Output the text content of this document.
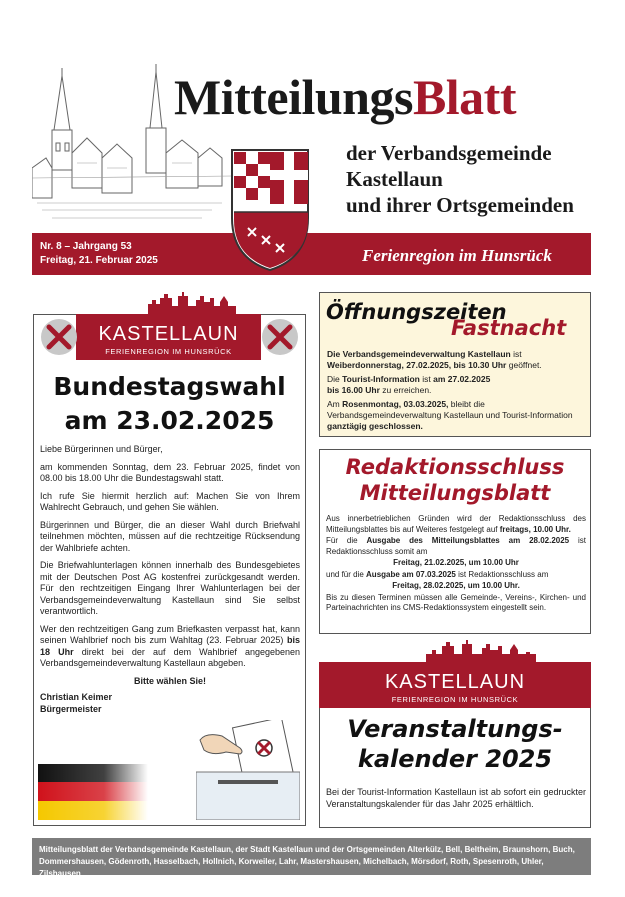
MitteilungsBlatt
der Verbandsgemeinde
Kastellaun
und ihrer Ortsgemeinden
Nr. 8 – Jahrgang 53
Freitag, 21. Februar 2025	Ferienregion im Hunsrück
KASTELLAUN
FERIENREGION IM HUNSRÜCK
Bundestagswahl
am 23.02.2025

Liebe Bürgerinnen und Bürger,

am kommenden Sonntag, dem 23. Februar 2025, findet von 08.00 bis 18.00 Uhr die Bundestagswahl statt.

Ich rufe Sie hiermit herzlich auf: Machen Sie von Ihrem Wahlrecht Gebrauch, und gehen Sie wählen.

Bürgerinnen und Bürger, die an dieser Wahl durch Briefwahl teilnehmen möchten, müssen auf die rechtzeitige Rücksendung der Wahlbriefe achten.

Die Briefwahlunterlagen können innerhalb des Bundesgebietes mit der Deutschen Post AG kostenfrei zurückgesandt werden. Für den rechtzeitigen Eingang Ihrer Wahlunterlagen bei der Verbandsgemeindeverwaltung Kastellaun sind Sie selbst verantwortlich.

Wer den rechtzeitigen Gang zum Briefkasten verpasst hat, kann seinen Wahlbrief noch bis zum Wahltag (23. Februar 2025) bis 18 Uhr direkt bei der auf dem Wahlbrief angegebenen Verbandsgemeindeverwaltung Kastellaun abgeben.

Bitte wählen Sie!

Christian Keimer
Bürgermeister
Öffnungszeiten
Fastnacht

Die Verbandsgemeindeverwaltung Kastellaun ist Weiberdonnerstag, 27.02.2025, bis 10.30 Uhr geöffnet.

Die Tourist-Information ist am 27.02.2025
bis 16.00 Uhr zu erreichen.

Am Rosenmontag, 03.03.2025, bleibt die Verbandsgemeindeverwaltung Kastellaun und Tourist-Information ganztägig geschlossen.

Redaktionsschluss
Mitteilungsblatt

Aus innerbetrieblichen Gründen wird der Redaktionsschluss des Mitteilungsblattes bis auf Weiteres festgelegt auf freitags, 10.00 Uhr.

Für die Ausgabe des Mitteilungsblattes am 28.02.2025 ist Redaktionsschluss somit am

Freitag, 21.02.2025, um 10.00 Uhr

und für die Ausgabe am 07.03.2025 ist Redaktionsschluss am

Freitag, 28.02.2025, um 10.00 Uhr.

Bis zu diesen Terminen müssen alle Gemeinde-, Vereins-, Kirchen- und Parteinachrichten ins CMS-Redaktionssystem eingestellt sein.

KASTELLAUN
FERIENREGION IM HUNSRÜCK
Veranstaltungs-
kalender 2025
Bei der Tourist-Information Kastellaun ist ab sofort ein gedruckter Veranstaltungskalender für das Jahr 2025 erhältlich.
Mitteilungsblatt der Verbandsgemeinde Kastellaun, der Stadt Kastellaun und der Ortsgemeinden Alterkülz, Bell, Beltheim, Braunshorn, Buch, Dommershausen, Gödenroth, Hasselbach, Hollnich, Korweiler, Lahr, Mastershausen, Michelbach, Mörsdorf, Roth, Spesenroth, Uhler, Zilshausen
